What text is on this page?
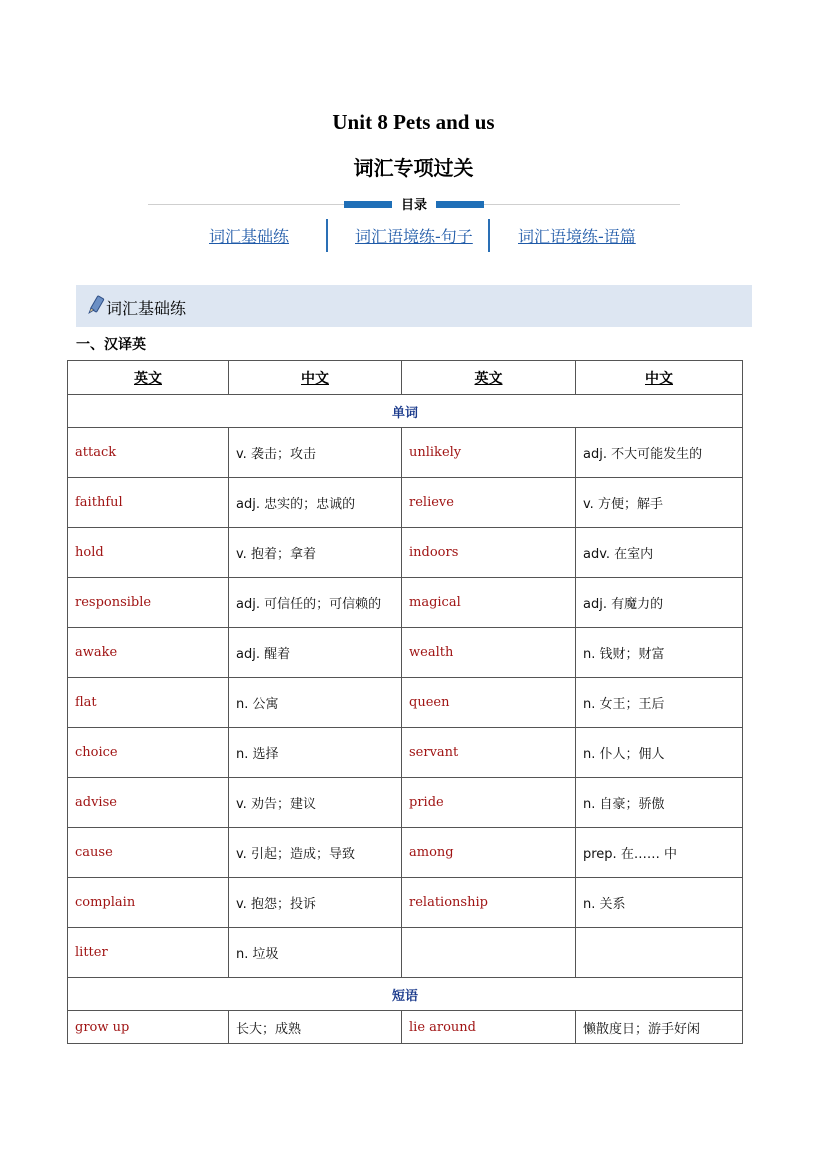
Unit 8 Pets and us
词汇专项过关
目录
词汇基础练	词汇语境练-句子	词汇语境练-语篇
词汇基础练
一、汉译英
英文	中文	英文	中文
单词			
attack	v. 袭击；攻击	unlikely	adj. 不大可能发生的
faithful	adj. 忠实的；忠诚的	relieve	v. 方便；解手
hold	v. 抱着；拿着	indoors	adv. 在室内
responsible	adj. 可信任的；可信赖的	magical	adj. 有魔力的
awake	adj. 醒着	wealth	n. 钱财；财富
flat	n. 公寓	queen	n. 女王；王后
choice	n. 选择	servant	n. 仆人；佣人
advise	v. 劝告；建议	pride	n. 自豪；骄傲
cause	v. 引起；造成；导致	among	prep. 在…… 中
complain	v. 抱怨；投诉	relationship	n. 关系
litter	n. 垃圾		
短语			
grow up	长大；成熟	lie around	懒散度日；游手好闲
